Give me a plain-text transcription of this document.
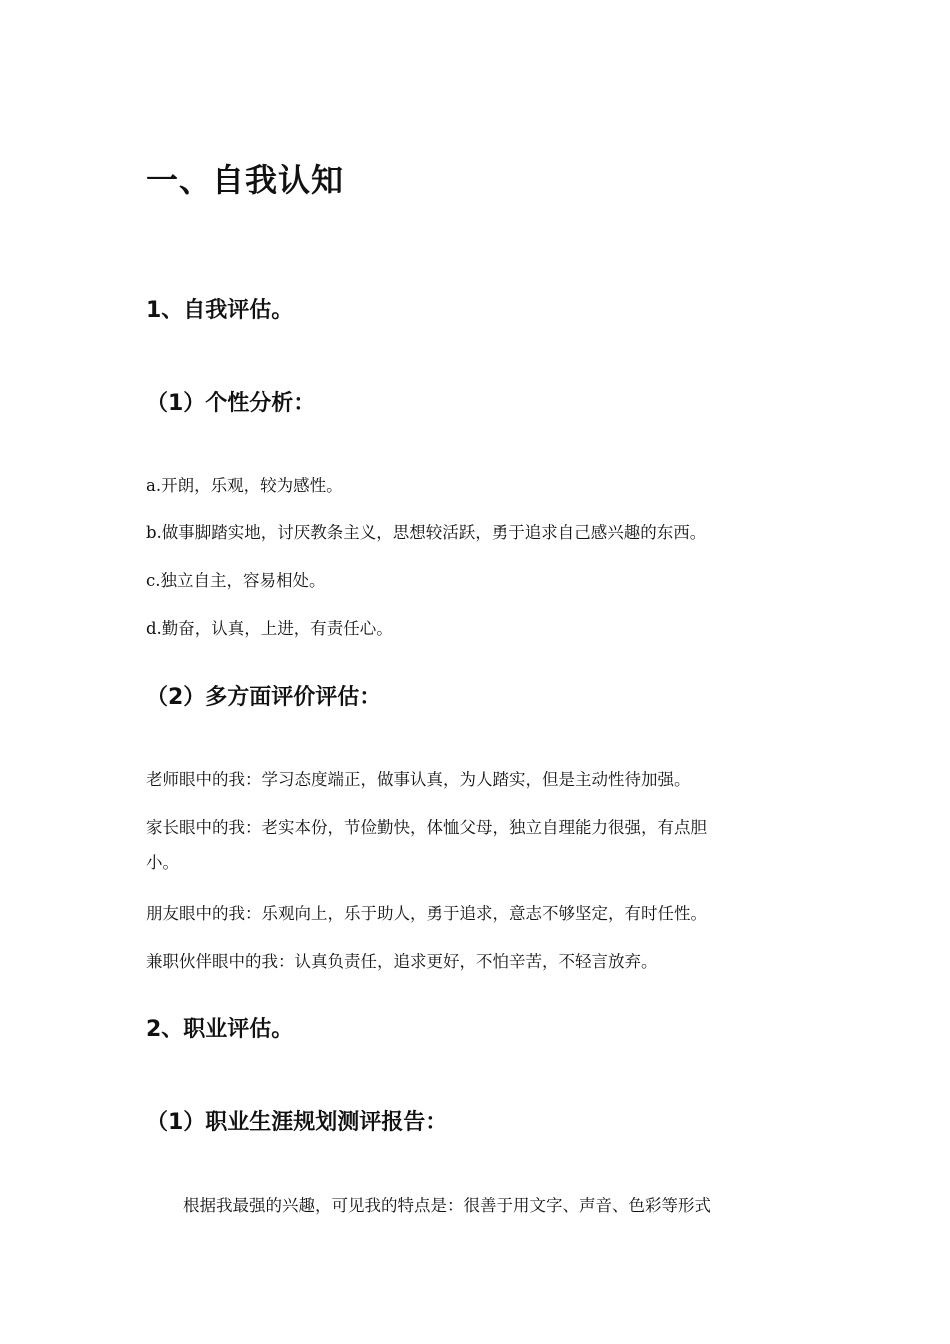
一、自我认知
1、自我评估。
（1）个性分析：
a.开朗，乐观，较为感性。
b.做事脚踏实地，讨厌教条主义，思想较活跃，勇于追求自己感兴趣的东西。
c.独立自主，容易相处。
d.勤奋，认真，上进，有责任心。
（2）多方面评价评估：
老师眼中的我：学习态度端正，做事认真，为人踏实，但是主动性待加强。
家长眼中的我：老实本份，节俭勤快，体恤父母，独立自理能力很强，有点胆
小。
朋友眼中的我：乐观向上，乐于助人，勇于追求，意志不够坚定，有时任性。
兼职伙伴眼中的我：认真负责任，追求更好，不怕辛苦，不轻言放弃。
2、职业评估。
（1）职业生涯规划测评报告：
根据我最强的兴趣，可见我的特点是：很善于用文字、声音、色彩等形式
